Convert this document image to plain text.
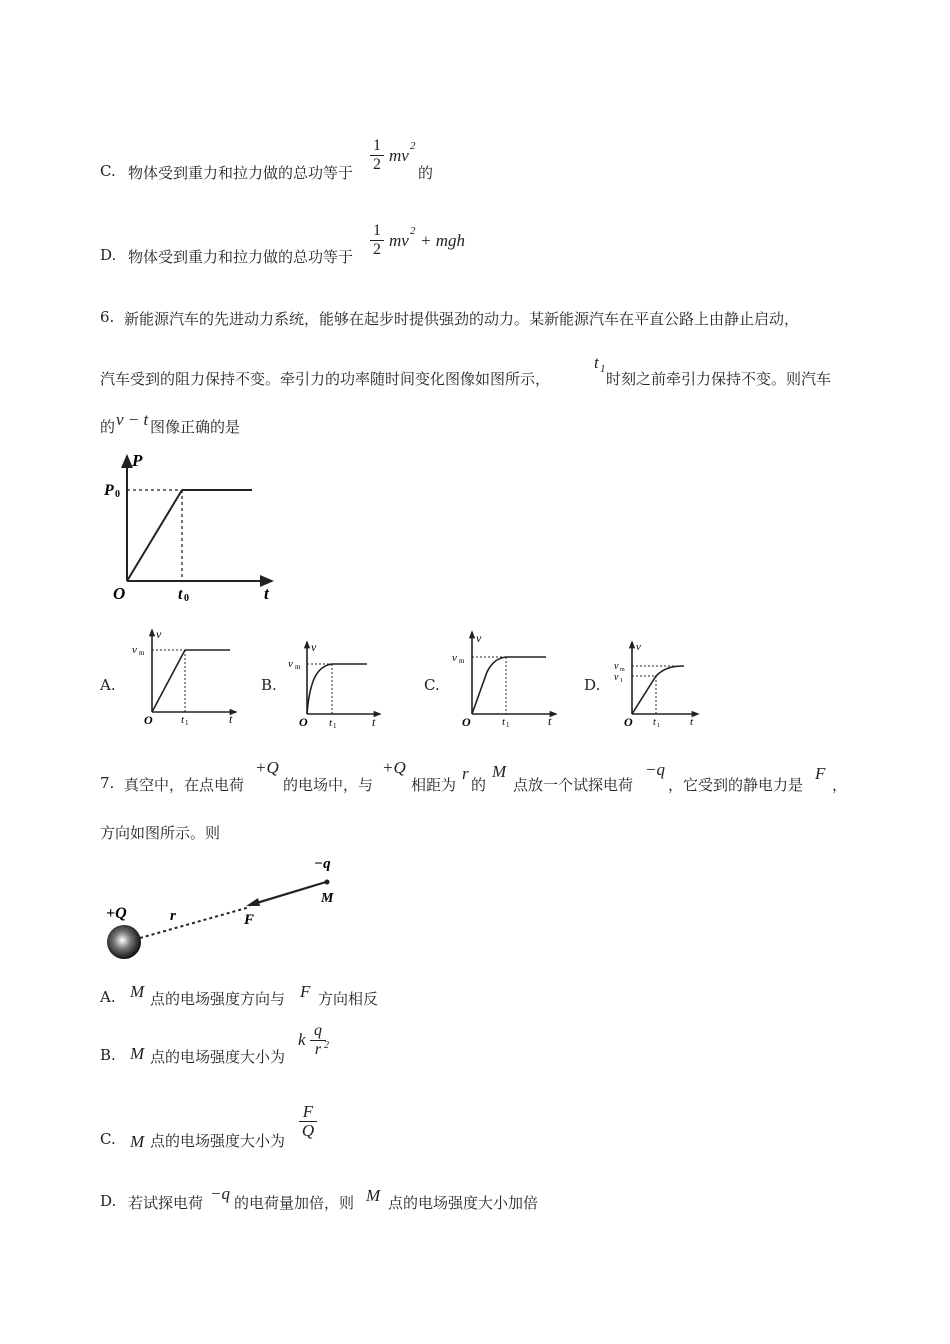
C. 物体受到重力和拉力做的总功等于
1
2 mv 2
的
D. 物体受到重力和拉力做的总功等于
1
2 mv 2 + mgh
6. 新能源汽车的先进动力系统，能够在起步时提供强劲的动力。某新能源汽车在平直公路上由静止启动，
汽车受到的阻力保持不变。牵引力的功率随时间变化图像如图所示，
t 1
时刻之前牵引力保持不变。则汽车
的 v − t 图像正确的是
P
P 0
O	t 0	t
A.
v
v m
O	t 1	t
B.
v
v m
O t 1	t
C.
v
v m
O	t 1	t
D.
v
v m
v 1
O t 1	t
7. 真空中，在点电荷
+Q
的电场中，与
+Q
相距为
r
的
M
点放一个试探电荷
−q
，它受到的静电力是
F
，
方向如图所示。则
+Q	r	F
−q
M
A. M 点的电场强度方向与 F 方向相反
B. M 点的电场强度大小为
k q
r 2
C. M 点的电场强度大小为
F
Q
D. 若试探电荷 −q 的电荷量加倍，则 M 点的电场强度大小加倍
